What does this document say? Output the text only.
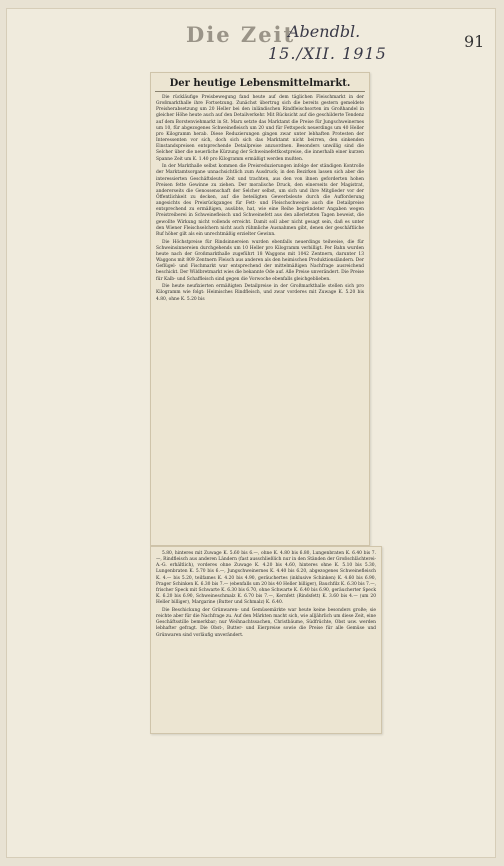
Die Zeit
Abendbl.
15./XII. 1915
91
Der heutige Lebensmittelmarkt.

Die rückläufige Preisbewegung fand heute auf dem täglichen Fleischmarkt in der Großmarkthalle ihre Fortsetzung. Zunächst übertrug sich die bereits gestern gemeldete Preisherabsetzung um 20 Heller bei den inländischen Rindfleischsorten im Großhandel in gleicher Höhe heute auch auf den Detailverkehr. Mit Rücksicht auf die geschilderte Tendenz auf dem Borstenviehmarkt in St. Marx setzte das Marktamt die Preise für Jungschweinernes um 10, für abgezogenes Schweinefleisch um 20 und für Fettspeck neuerdings um 40 Heller pro Kilogramm herab. Diese Reduzierungen gingen zwar unter lebhaften Protesten der Interessenten vor sich, doch sich sich das Marktamt nicht beirren, den sinkenden Einstandspreisen entsprechende Detailpreise anzuordnen. Besonders unwillig sind die Selcher über die neuerliche Kürzung der Schweinefettkostpreise, die innerhalb einer kurzen Spanne Zeit um K. 1.40 pro Kilogramm ermäßigt werden mußten.

In der Markthalle selbst kommen die Preisreduzierungen infolge der ständigen Kontrolle der Marktamtsorgane unnachsichtlich zum Ausdruck; in den Bezirken lassen sich aber die interessierten Geschäftsleute Zeit und trachten, aus den von ihnen geforderten hohen Preisen fette Gewinne zu ziehen. Der moralische Druck, den einerseits der Magistrat, andererseits die Genossenschaft der Selcher selbst, um sich und ihre Mitglieder vor der Öffentlichkeit zu decken, auf die beteiligten Gewerbsleute durch die Aufforderung angesichts des Preisrückganges für Fett- und Fleischschweine auch die Detailpreise entsprechend zu ermäßigen, ausübte, hat, wie eine Reihe begründeter Angaben wegen Preistreiberei in Schweinefleisch und Schweinefett aus den allerletzten Tagen beweist, die gewollte Wirkung nicht vollends erreicht. Damit soll aber nicht gesagt sein, daß es unter den Wiener Fleischselchern nicht auch rühmliche Ausnahmen gibt, denen der geschäftliche Ruf höher gilt als ein unrechtmäßig erzielter Gewinn.

Die Höchstpreise für Rindsinnereien wurden ebenfalls neuerdings teilweise, die für Schweinsinnereien durchgehends um 10 Heller pro Kilogramm verbilligt. Per Bahn wurden heute nach der Großmarkthalle zugeführt 18 Waggons mit 1042 Zentnern, darunter 13 Waggons mit 809 Zentnern Fleisch aus anderen als den heimischen Produktionsländern. Der Geflügel- und Fischmarkt war entsprechend der mittelmäßigen Nachfrage ausreichend beschickt. Der Wildbretmarkt wies die bekannte Ode auf. Alle Preise unverändert. Die Preise für Kalb- und Schaffleisch sind gegen die Vorwoche ebenfalls gleichgeblieben.

Die heute neufixierten ermäßigten Detailpreise in der Großmarkthalle stellen sich pro Kilogramm wie folgt: Heimisches Rindfleisch, und zwar vorderes mit Zuwage K. 5.20 bis 4.80, ohne K. 5.20 bis

5.80, hinteres mit Zuwage K. 5.60 bis 6.—, ohne K. 4.80 bis 6.80, Lungenbraten K. 6.40 bis 7.—, Rindfleisch aus anderen Ländern (fast ausschließlich nur in den Ständen der Großschlächterei-A.-G. erhältlich), vorderes ohne Zuwage K. 4.20 bis 4.60, hinteres ohne K. 5.10 bis 5.30, Lungenbraten K. 5.70 bis 6.—, Jungschweinernes K. 4.40 bis 6.20, abgezogenes Schweinefleisch K. 4.— bis 5.20, teilfames K. 4.20 bis 4.90, geräuchertes (inklusive Schinken) K. 4.60 bis 6.90, Prager Schinken K. 6.30 bis 7.— (ebenfalls um 20 bis 40 Heller billiger), Bauchfilz K. 6.30 bis 7.—, frischer Speck mit Schwarte K. 6.30 bis 6.70, ohne Schwarte K. 6.40 bis 6.90, geräucherter Speck K. 6.20 bis 6.90, Schweineschmalz K. 6.70 bis 7.—, Kernfett (Rindsfett) K. 3.60 bis 4.— (um 20 Heller billiger), Margarine (Butter und Schmalz) K. 6.40.

Die Beschickung der Grünwaren- und Gemüsemärkte war heute keine besonders große; sie reichte aber für die Nachfrage zu. Auf den Märkten macht sich, wie alljährlich um diese Zeit, eine Geschäftsstille bemerkbar; nur Weihnachtssachen, Christbäume, Südfrüchte, Obst usw. werden lebhafter gefragt. Die Obst-, Butter- und Eierpreise sowie die Preise für alle Gemüse und Grünwaren sind vorläufig unverändert.
